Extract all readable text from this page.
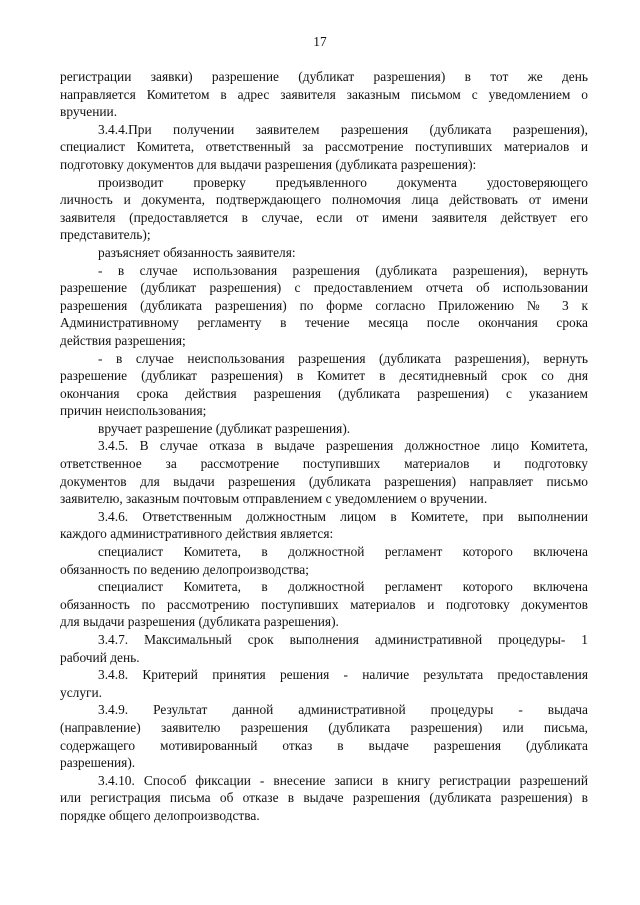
17
регистрации заявки) разрешение (дубликат разрешения) в тот же день
направляется Комитетом в адрес заявителя заказным письмом с уведомлением о
вручении.
3.4.4.При получении заявителем разрешения (дубликата разрешения),
специалист Комитета, ответственный за рассмотрение поступивших материалов и
подготовку документов для выдачи разрешения (дубликата разрешения):
производит проверку предъявленного документа удостоверяющего
личность и документа, подтверждающего полномочия лица действовать от имени
заявителя (предоставляется в случае, если от имени заявителя действует его
представитель);
разъясняет обязанность заявителя:
- в случае использования разрешения (дубликата разрешения), вернуть
разрешение (дубликат разрешения) с предоставлением отчета об использовании
разрешения (дубликата разрешения) по форме согласно Приложению № 3 к
Административному регламенту в течение месяца после окончания срока
действия разрешения;
- в случае неиспользования разрешения (дубликата разрешения), вернуть
разрешение (дубликат разрешения) в Комитет в десятидневный срок со дня
окончания срока действия разрешения (дубликата разрешения) с указанием
причин неиспользования;
вручает разрешение (дубликат разрешения).
3.4.5. В случае отказа в выдаче разрешения должностное лицо Комитета,
ответственное за рассмотрение поступивших материалов и подготовку
документов для выдачи разрешения (дубликата разрешения) направляет письмо
заявителю, заказным почтовым отправлением с уведомлением о вручении.
3.4.6. Ответственным должностным лицом в Комитете, при выполнении
каждого административного действия является:
специалист Комитета, в должностной регламент которого включена
обязанность по ведению делопроизводства;
специалист Комитета, в должностной регламент которого включена
обязанность по рассмотрению поступивших материалов и подготовку документов
для выдачи разрешения (дубликата разрешения).
3.4.7. Максимальный срок выполнения административной процедуры- 1
рабочий день.
3.4.8. Критерий принятия решения - наличие результата предоставления
услуги.
3.4.9. Результат данной административной процедуры - выдача
(направление) заявителю разрешения (дубликата разрешения) или письма,
содержащего мотивированный отказ в выдаче разрешения (дубликата
разрешения).
3.4.10. Способ фиксации - внесение записи в книгу регистрации разрешений
или регистрация письма об отказе в выдаче разрешения (дубликата разрешения) в
порядке общего делопроизводства.
